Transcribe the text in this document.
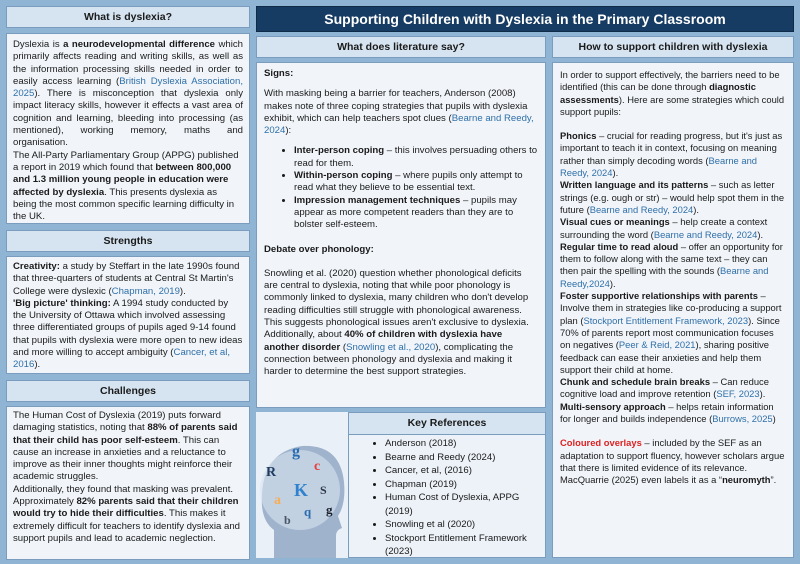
Supporting Children with Dyslexia in the Primary Classroom
What is dyslexia?

Dyslexia is a neurodevelopmental difference which primarily affects reading and writing skills, as well as the information processing skills needed in order to easily access learning (British Dyslexia Association, 2025). There is misconception that dyslexia only impact literacy skills, however it effects a vast area of cognition and learning, bleeding into processing (as mentioned), working memory, maths and organisation.

The All-Party Parliamentary Group (APPG) published a report in 2019 which found that between 800,000 and 1.3 million young people in education were affected by dyslexia. This presents dyslexia as being the most common specific learning difficulty in the UK.

Strengths

Creativity: a study by Steffart in the late 1990s found that three-quarters of students at Central St Martin's College were dyslexic (Chapman, 2019).

'Big picture' thinking: A 1994 study conducted by the University of Ottawa which involved assessing three differentiated groups of pupils aged 9-14 found that pupils with dyslexia were more open to new ideas and more willing to accept ambiguity (Cancer, et al, 2016).

Challenges

The Human Cost of Dyslexia (2019) puts forward damaging statistics, noting that 88% of parents said that their child has poor self-esteem. This can cause an increase in anxieties and a reluctance to improve as their inner thoughts might reinforce their academic struggles.

Additionally, they found that masking was prevalent.

Approximately 82% parents said that their children would try to hide their difficulties. This makes it extremely difficult for teachers to identify dyslexia and support pupils and lead to academic neglection.

What does literature say?

Signs:

With masking being a barrier for teachers, Anderson (2008) makes note of three coping strategies that pupils with dyslexia exhibit, which can help teachers spot clues (Bearne and Reedy, 2024):

• Inter-person coping – this involves persuading others to read for them.
• Within-person coping – where pupils only attempt to read what they believe to be essential text.
• Impression management techniques – pupils may appear as more competent readers than they are to bolster self-esteem.

Debate over phonology:

Snowling et al. (2020) question whether phonological deficits are central to dyslexia, noting that while poor phonology is commonly linked to dyslexia, many children who don't develop reading difficulties still struggle with phonological awareness. This suggests phonological issues aren't exclusive to dyslexia. Additionally, about 40% of children with dyslexia have another disorder (Snowling et al., 2020), complicating the connection between phonology and dyslexia and making it harder to determine the best support strategies.

g
R	c
K S
a
q
b
g
Key References
• Anderson (2018)
• Bearne and Reedy (2024)
• Cancer, et al, (2016)
• Chapman (2019)
• Human Cost of Dyslexia, APPG (2019)
• Snowling et al (2020)
• Stockport Entitlement Framework (2023)
How to support children with dyslexia

In order to support effectively, the barriers need to be identified (this can be done through diagnostic assessments). Here are some strategies which could support pupils:

Phonics – crucial for reading progress, but it's just as important to teach it in context, focusing on meaning rather than simply decoding words (Bearne and Reedy, 2024).

Written language and its patterns – such as letter strings (e.g. ough or str) – would help spot them in the future (Bearne and Reedy, 2024).

Visual cues or meanings – help create a context surrounding the word (Bearne and Reedy, 2024).

Regular time to read aloud – offer an opportunity for them to follow along with the same text – they can then pair the spelling with the sounds (Bearne and Reedy,2024).

Foster supportive relationships with parents – Involve them in strategies like co-producing a support plan (Stockport Entitlement Framework, 2023). Since 70% of parents report most communication focuses on negatives (Peer & Reid, 2021), sharing positive feedback can ease their anxieties and help them support their child at home.

Chunk and schedule brain breaks – Can reduce cognitive load and improve retention (SEF, 2023).

Multi-sensory approach – helps retain information for longer and builds independence (Burrows, 2025)

Coloured overlays – included by the SEF as an adaptation to support fluency, however scholars argue that there is limited evidence of its relevance. MacQuarrie (2025) even labels it as a “neuromyth”.
